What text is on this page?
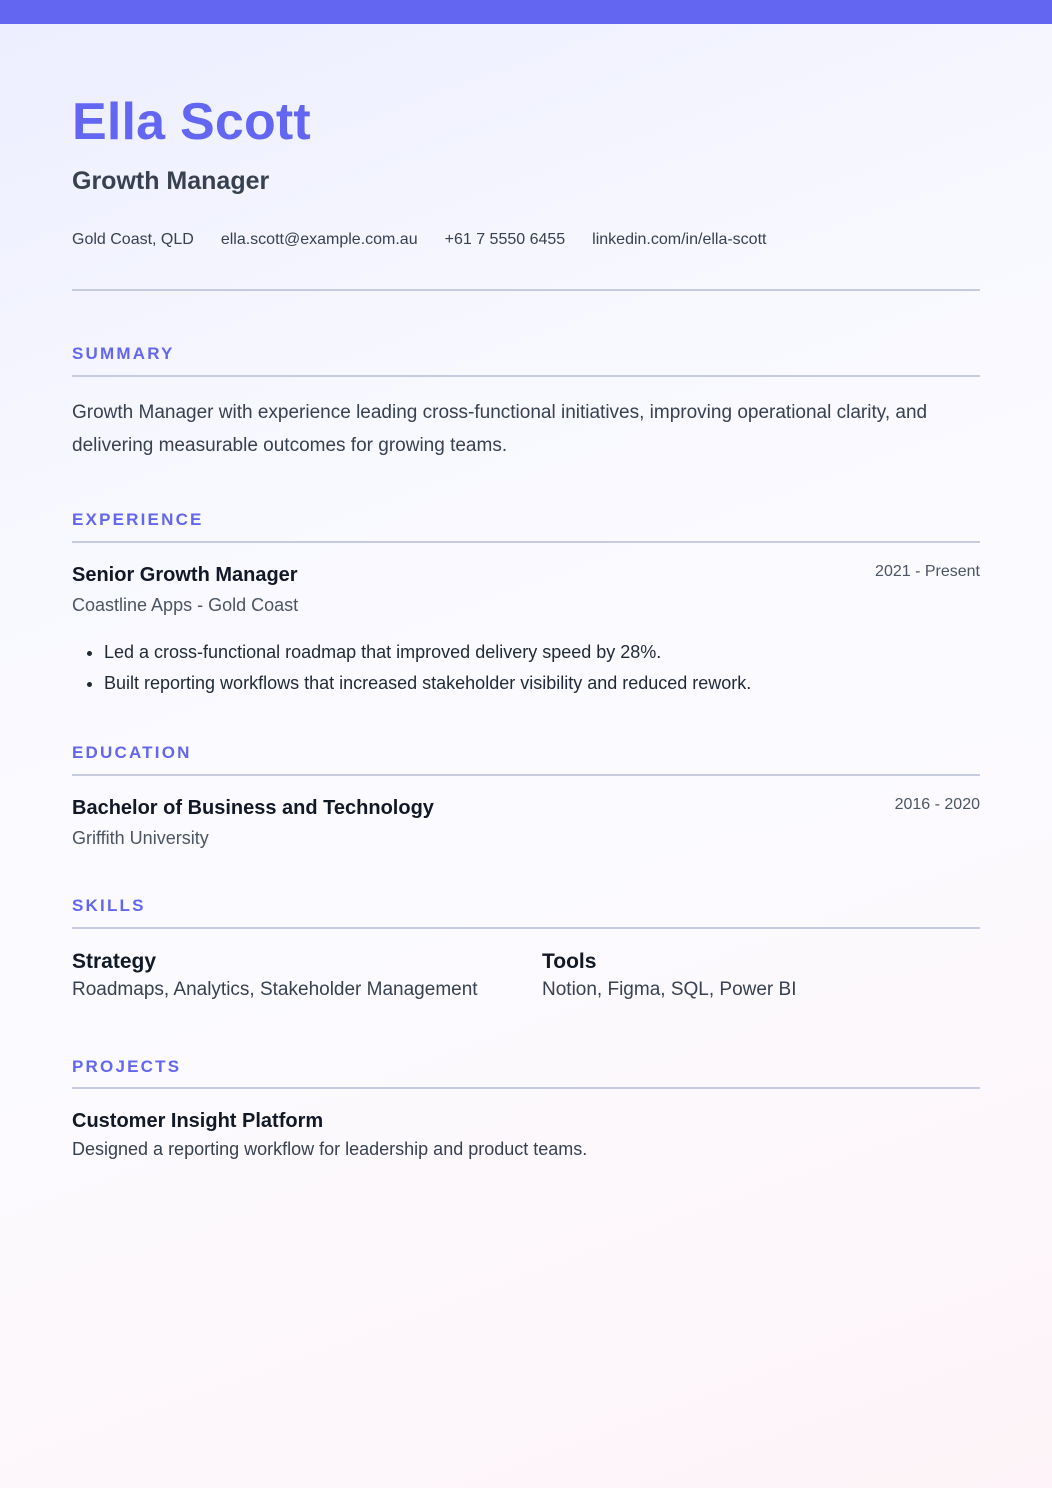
Ella Scott
Growth Manager
Gold Coast, QLD ella.scott@example.com.au +61 7 5550 6455 linkedin.com/in/ella-scott
SUMMARY
Growth Manager with experience leading cross-functional initiatives, improving operational clarity, and delivering measurable outcomes for growing teams.
EXPERIENCE
Senior Growth Manager	2021 - Present
Coastline Apps - Gold Coast
• Led a cross-functional roadmap that improved delivery speed by 28%.
• Built reporting workflows that increased stakeholder visibility and reduced rework.
EDUCATION
Bachelor of Business and Technology	2016 - 2020
Griffith University
SKILLS
Strategy
Roadmaps, Analytics, Stakeholder Management
Tools
Notion, Figma, SQL, Power BI
PROJECTS
Customer Insight Platform
Designed a reporting workflow for leadership and product teams.
